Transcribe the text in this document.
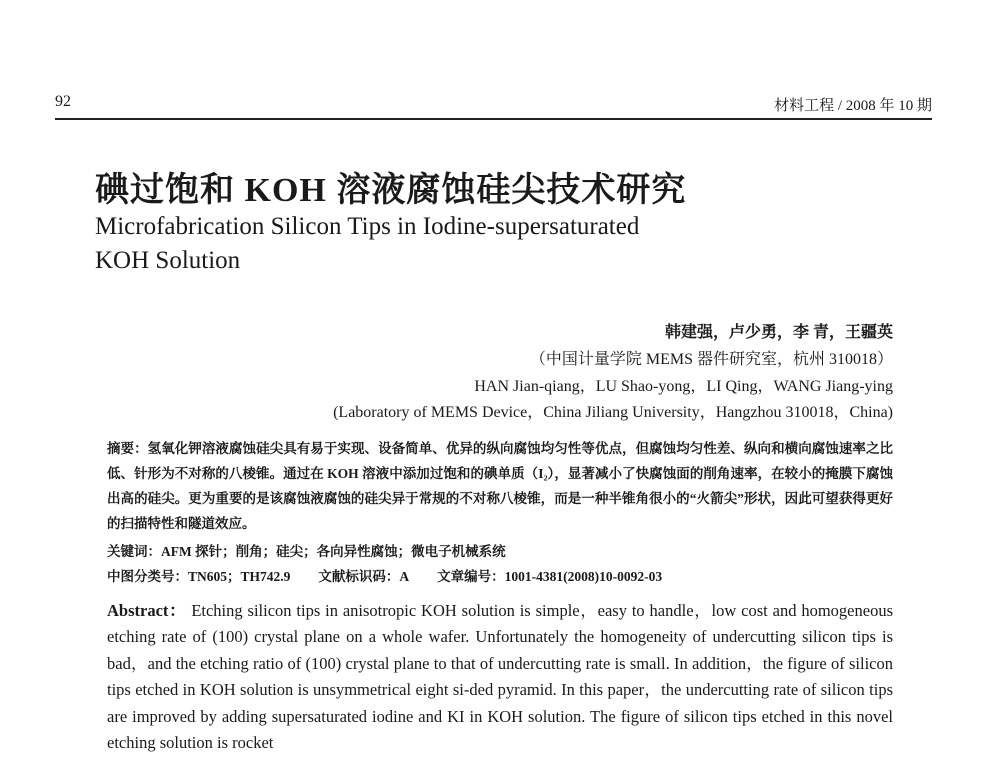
92	材料工程 / 2008 年 10 期
碘过饱和 KOH 溶液腐蚀硅尖技术研究
Microfabrication Silicon Tips in Iodine-supersaturated
KOH Solution
韩建强，卢少勇，李 青，王疆英
（中国计量学院 MEMS 器件研究室，杭州 310018）
HAN Jian-qiang，LU Shao-yong，LI Qing，WANG Jiang-ying
(Laboratory of MEMS Device，China Jiliang University，Hangzhou 310018，China)
摘要：氢氧化钾溶液腐蚀硅尖具有易于实现、设备简单、优异的纵向腐蚀均匀性等优点，但腐蚀均匀性差、纵向和横向腐蚀速率之比低、针形为不对称的八棱锥。通过在 KOH 溶液中添加过饱和的碘单质（I₂），显著减小了快腐蚀面的削角速率，在较小的掩膜下腐蚀出高的硅尖。更为重要的是该腐蚀液腐蚀的硅尖异于常规的不对称八棱锥，而是一种半锥角很小的“火箭尖”形状，因此可望获得更好的扫描特性和隧道效应。
关键词：AFM 探针；削角；硅尖；各向异性腐蚀；微电子机械系统
中图分类号：TN605；TH742.9 文献标识码：A 文章编号：1001-4381(2008)10-0092-03
Abstract： Etching silicon tips in anisotropic KOH solution is simple，easy to handle，low cost and homogeneous etching rate of (100) crystal plane on a whole wafer. Unfortunately the homogeneity of undercutting silicon tips is bad，and the etching ratio of (100) crystal plane to that of undercutting rate is small. In addition，the figure of silicon tips etched in KOH solution is unsymmetrical eight si-ded pyramid. In this paper，the undercutting rate of silicon tips are improved by adding supersaturated iodine and KI in KOH solution. The figure of silicon tips etched in this novel etching solution is rocket
